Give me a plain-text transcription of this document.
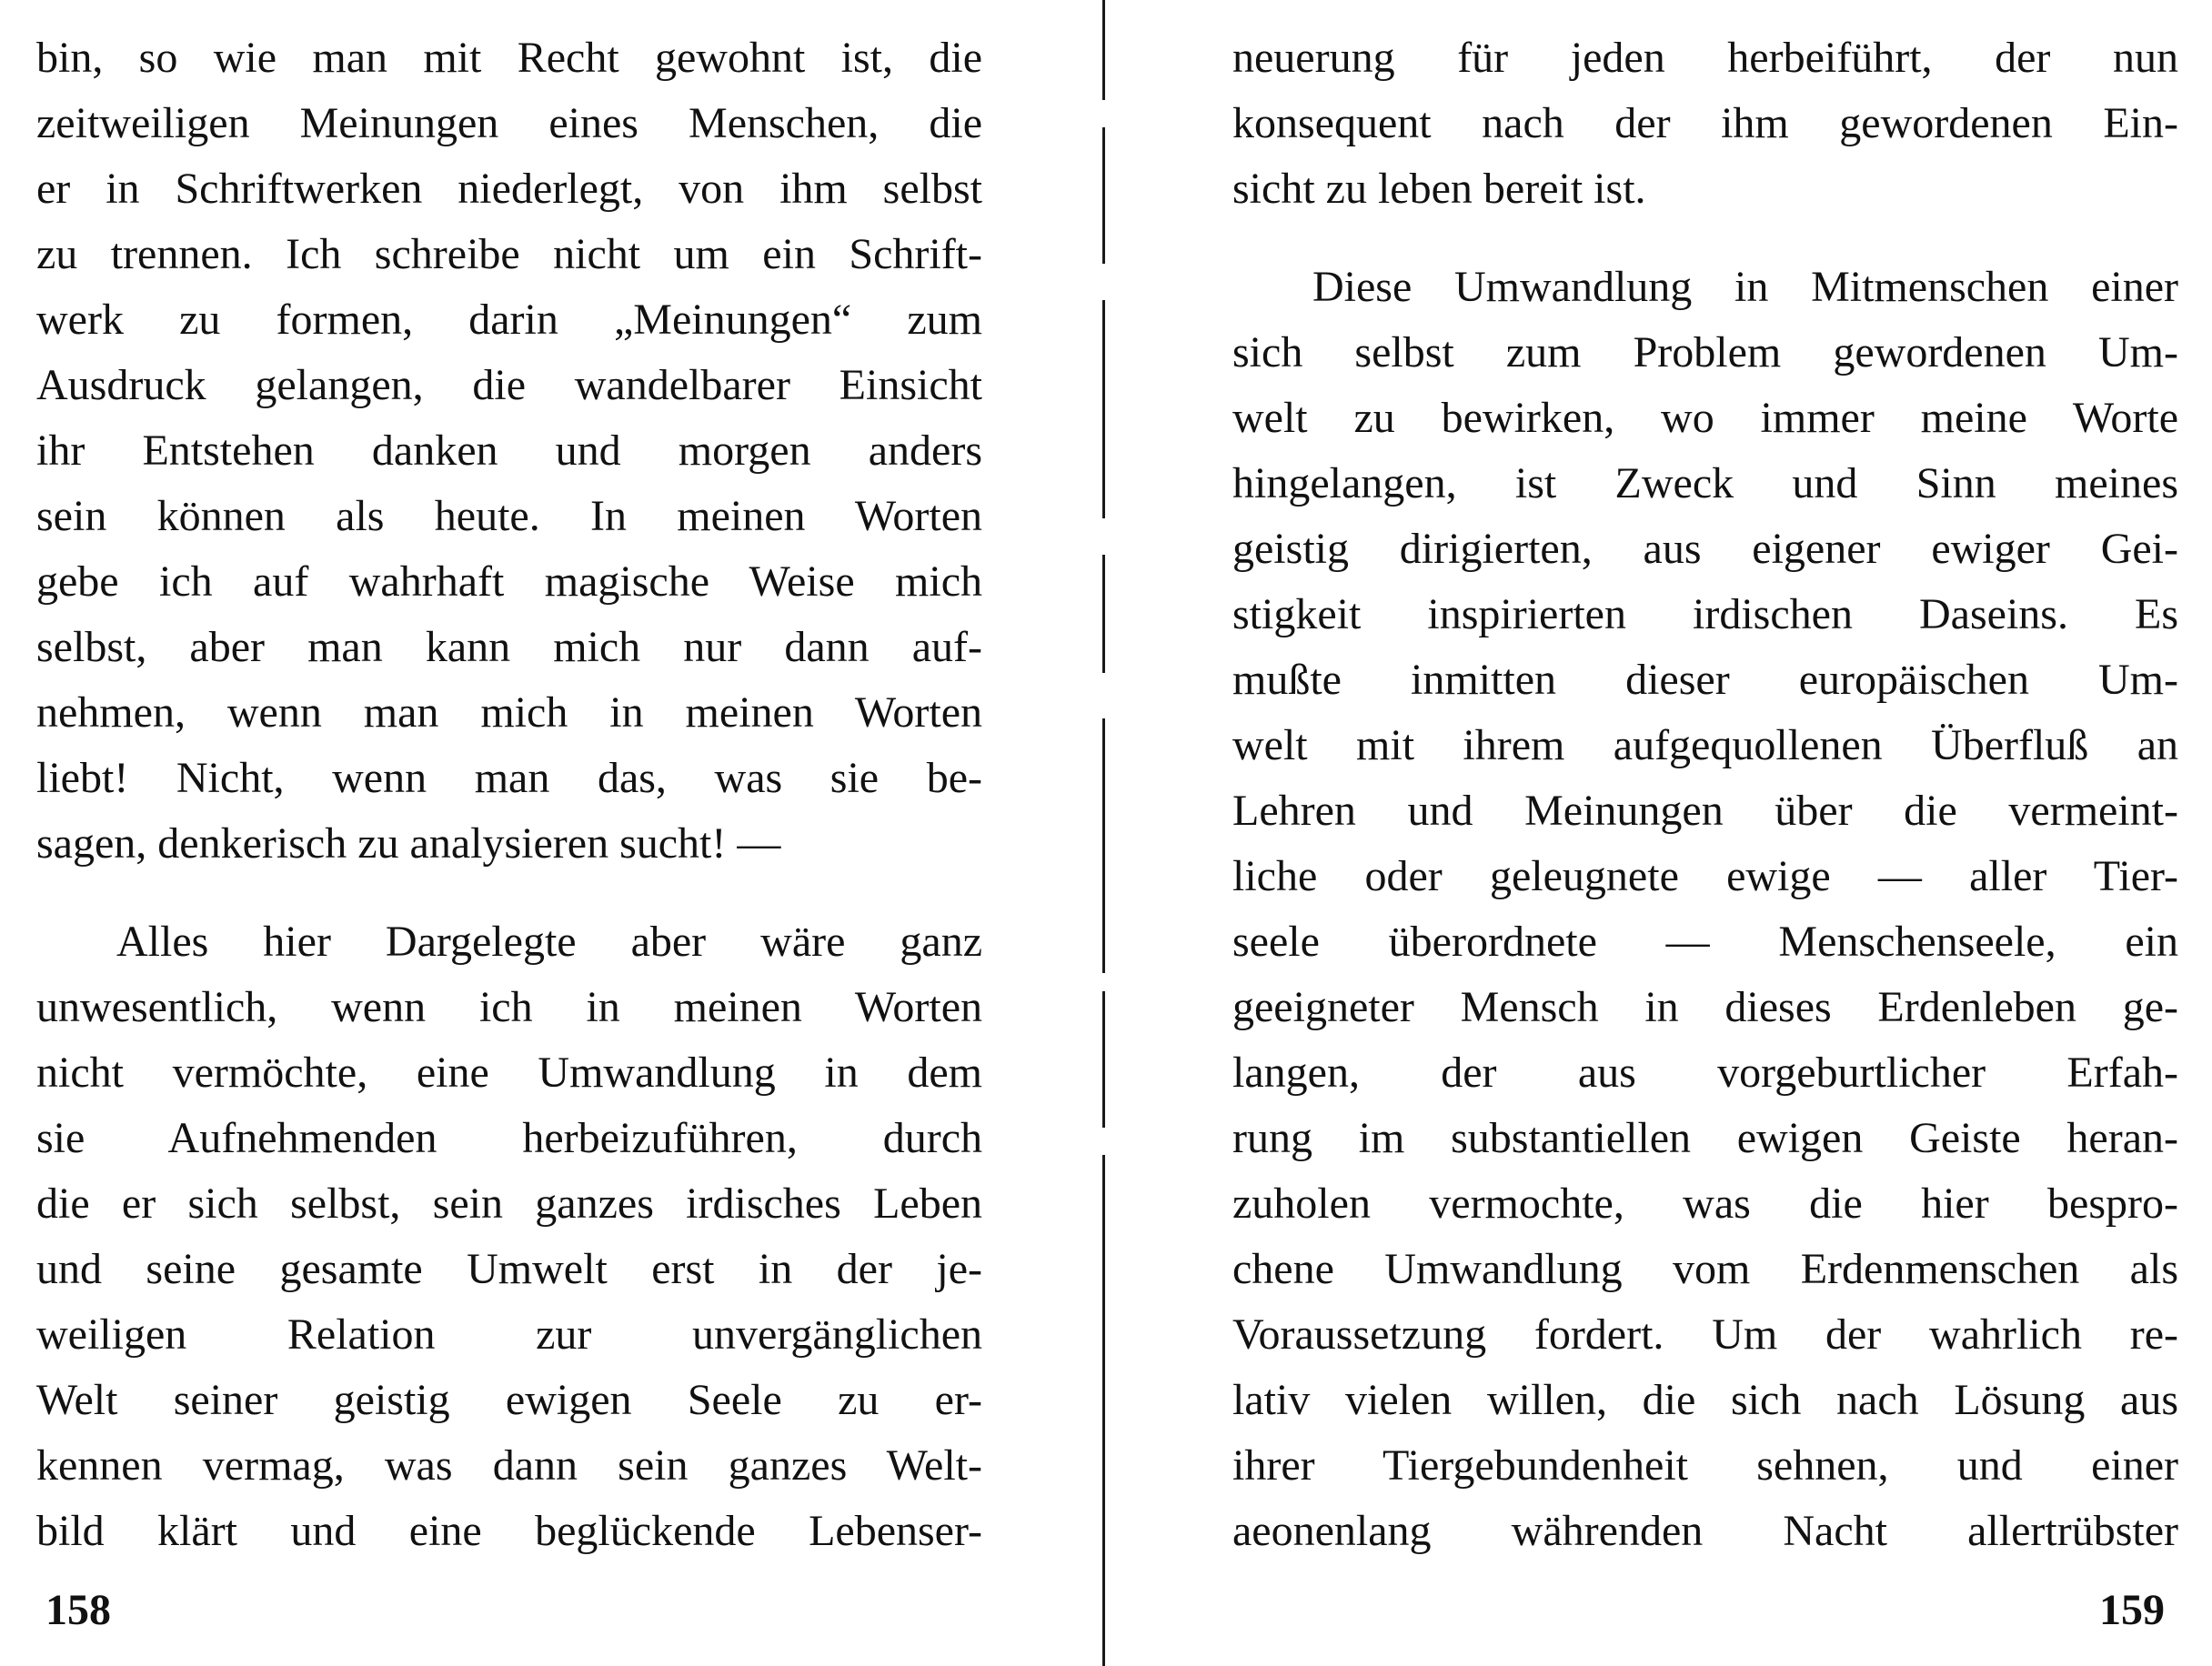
bin, so wie man mit Recht gewohnt ist, die
zeitweiligen Meinungen eines Menschen, die
er in Schriftwerken niederlegt, von ihm selbst
zu trennen. Ich schreibe nicht um ein Schrift-
werk zu formen, darin „Meinungen“ zum
Ausdruck gelangen, die wandelbarer Einsicht
ihr Entstehen danken und morgen anders
sein können als heute. In meinen Worten
gebe ich auf wahrhaft magische Weise mich
selbst, aber man kann mich nur dann auf-
nehmen, wenn man mich in meinen Worten
liebt! Nicht, wenn man das, was sie be-
sagen, denkerisch zu analysieren sucht! —
Alles hier Dargelegte aber wäre ganz
unwesentlich, wenn ich in meinen Worten
nicht vermöchte, eine Umwandlung in dem
sie Aufnehmenden herbeizuführen, durch
die er sich selbst, sein ganzes irdisches Leben
und seine gesamte Umwelt erst in der je-
weiligen Relation zur unvergänglichen
Welt seiner geistig ewigen Seele zu er-
kennen vermag, was dann sein ganzes Welt-
bild klärt und eine beglückende Lebenser-
158
neuerung für jeden herbeiführt, der nun
konsequent nach der ihm gewordenen Ein-
sicht zu leben bereit ist.
Diese Umwandlung in Mitmenschen einer
sich selbst zum Problem gewordenen Um-
welt zu bewirken, wo immer meine Worte
hingelangen, ist Zweck und Sinn meines
geistig dirigierten, aus eigener ewiger Gei-
stigkeit inspirierten irdischen Daseins. Es
mußte inmitten dieser europäischen Um-
welt mit ihrem aufgequollenen Überfluß an
Lehren und Meinungen über die vermeint-
liche oder geleugnete ewige — aller Tier-
seele überordnete — Menschenseele, ein
geeigneter Mensch in dieses Erdenleben ge-
langen, der aus vorgeburtlicher Erfah-
rung im substantiellen ewigen Geiste heran-
zuholen vermochte, was die hier bespro-
chene Umwandlung vom Erdenmenschen als
Voraussetzung fordert. Um der wahrlich re-
lativ vielen willen, die sich nach Lösung aus
ihrer Tiergebundenheit sehnen, und einer
aeonenlang währenden Nacht allertrübster
159
